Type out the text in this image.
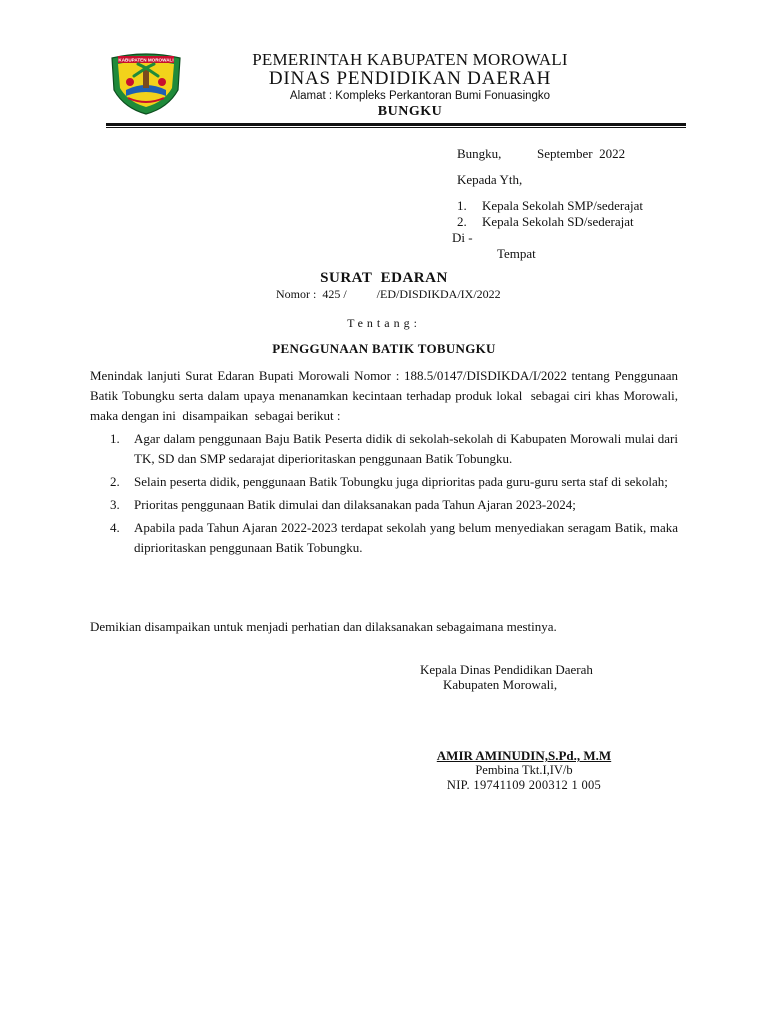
KABUPATEN MOROWALI	PEMERINTAH KABUPATEN MOROWALI
DINAS PENDIDIKAN DAERAH
Alamat : Kompleks Perkantoran Bumi Fonuasingko
BUNGKU
Bungku,	September  2022
Kepada Yth,
1. Kepala Sekolah SMP/sederajat
2. Kepala Sekolah SD/sederajat
Di -
Tempat
SURAT  EDARAN
Nomor :  425 /          /ED/DISDIKDA/IX/2022
Tentang:
PENGGUNAAN BATIK TOBUNGKU
Menindak lanjuti Surat Edaran Bupati Morowali Nomor : 188.5/0147/DISDIKDA/I/2022 tentang Penggunaan Batik Tobungku serta dalam upaya menanamkan kecintaan terhadap produk lokal  sebagai ciri khas Morowali, maka dengan ini  disampaikan  sebagai berikut :
1. Agar dalam penggunaan Baju Batik Peserta didik di sekolah-sekolah di Kabupaten Morowali mulai dari TK, SD dan SMP sedarajat diperioritaskan penggunaan Batik Tobungku.
2. Selain peserta didik, penggunaan Batik Tobungku juga diprioritas pada guru-guru serta staf di sekolah;
3. Prioritas penggunaan Batik dimulai dan dilaksanakan pada Tahun Ajaran 2023-2024;
4. Apabila pada Tahun Ajaran 2022-2023 terdapat sekolah yang belum menyediakan seragam Batik, maka diprioritaskan penggunaan Batik Tobungku.
Demikian disampaikan untuk menjadi perhatian dan dilaksanakan sebagaimana mestinya.
Kepala Dinas Pendidikan Daerah
Kabupaten Morowali,
AMIR AMINUDIN,S.Pd., M.M
Pembina Tkt.I,IV/b
NIP. 19741109 200312 1 005
